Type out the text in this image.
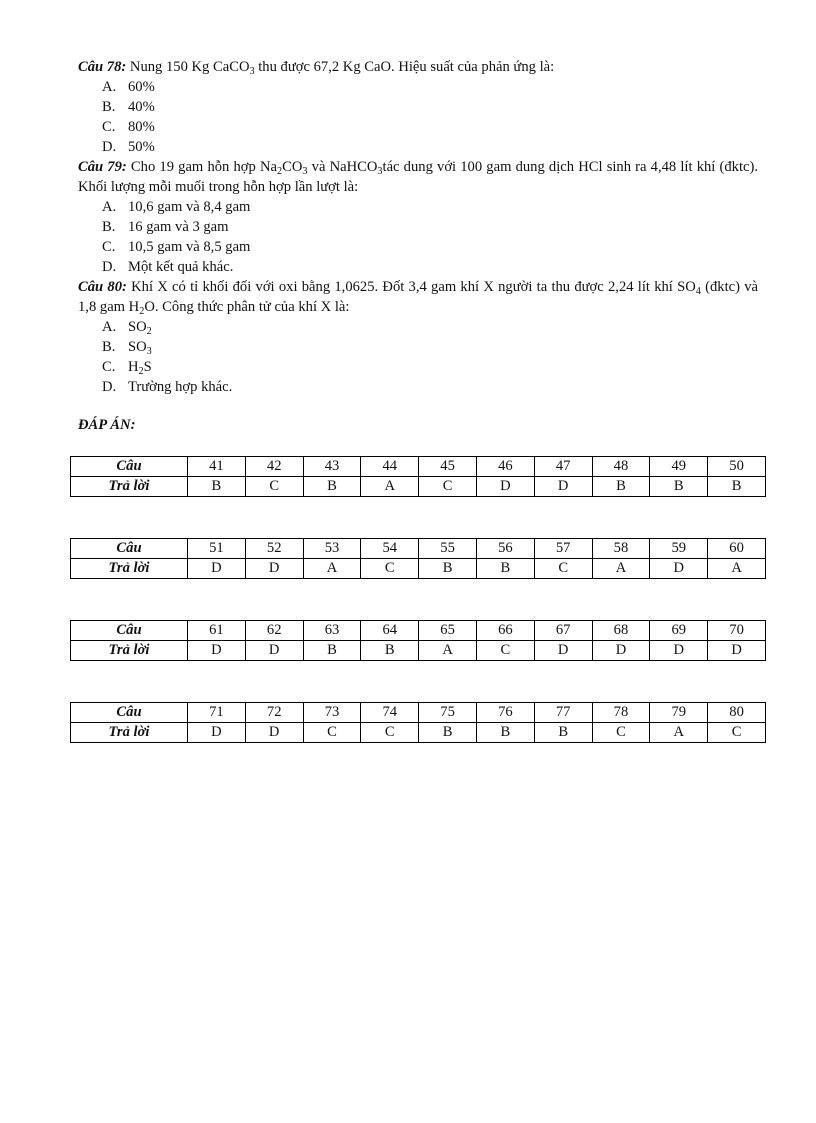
Câu 78: Nung 150 Kg CaCO$_3$ thu được 67,2 Kg CaO. Hiệu suất của phản ứng là:

A. 60%

B. 40%

C. 80%

D. 50%

Câu 79: Cho 19 gam hỗn hợp $Na_2CO_3$ và NaHCO$_3$tác dung với 100 gam dung dịch HCl sinh ra 4,48 lít khí (đktc). Khối lượng mỗi muối trong hỗn hợp lần lượt là:

A. 10,6 gam và 8,4 gam

B. 16 gam và 3 gam

C. 10,5 gam và 8,5 gam

D. Một kết quả khác.

Câu 80: Khí X có tỉ khối đối với oxi bằng 1,0625. Đốt 3,4 gam khí X người ta thu được 2,24 lít khí $SO_4$ (đktc) và 1,8 gam $H_2O$. Công thức phân tử của khí X là:

A. $SO_2$

B. $SO_3$

C. $H_2S$

D. Trường hợp khác.

ĐÁP ÁN:
Câu	41	42	43	44	45	46	47	48	49	50
Trả lời	B	C	B	A	C	D	D	B	B	B
Câu	51	52	53	54	55	56	57	58	59	60
Trả lời	D	D	A	C	B	B	C	A	D	A
Câu	61	62	63	64	65	66	67	68	69	70
Trả lời	D	D	B	B	A	C	D	D	D	D
Câu	71	72	73	74	75	76	77	78	79	80
Trả lời	D	D	C	C	B	B	B	C	A	C
